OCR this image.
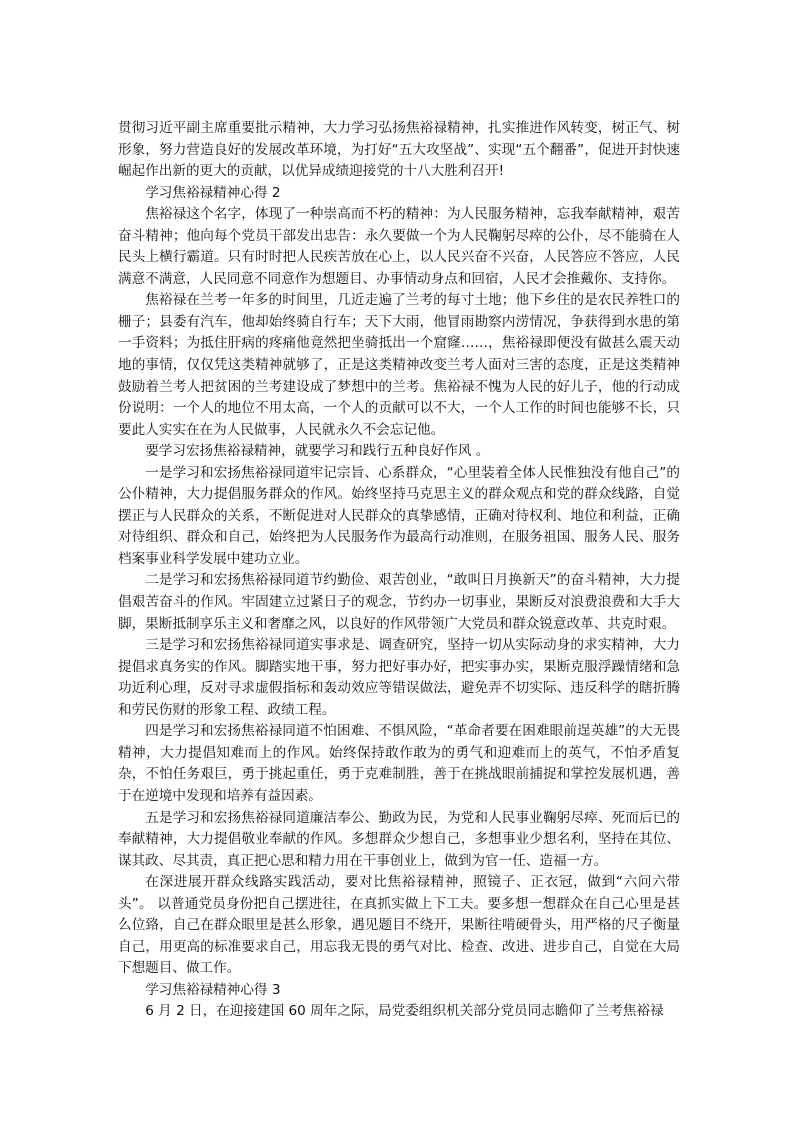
贯彻习近平副主席重要批示精神，大力学习弘扬焦裕禄精神，扎实推进作风转变，树正气、树形象，努力营造良好的发展改革环境，为打好“五大攻坚战”、实现“五个翻番”，促进开封快速崛起作出新的更大的贡献，以优异成绩迎接党的十八大胜利召开!

学习焦裕禄精神心得 2

焦裕禄这个名字，体现了一种崇高而不朽的精神：为人民服务精神，忘我奉献精神，艰苦奋斗精神；他向每个党员干部发出忠告：永久要做一个为人民鞠躬尽瘁的公仆，尽不能骑在人民头上横行霸道。只有时时把人民疾苦放在心上，以人民兴奋不兴奋，人民答应不答应，人民满意不满意，人民同意不同意作为想题目、办事情动身点和回宿，人民才会推戴你、支持你。

焦裕禄在兰考一年多的时间里，几近走遍了兰考的每寸土地；他下乡住的是农民养牲口的栅子；县委有汽车，他却始终骑自行车；天下大雨，他冒雨勘察内涝情况，争获得到水患的第一手资料；为抵住肝病的疼痛他竟然把坐骑抵出一个窟窿……，焦裕禄即便没有做甚么震天动地的事情，仅仅凭这类精神就够了，正是这类精神改变兰考人面对三害的态度，正是这类精神鼓励着兰考人把贫困的兰考建设成了梦想中的兰考。焦裕禄不愧为人民的好儿子，他的行动成份说明：一个人的地位不用太高，一个人的贡献可以不大，一个人工作的时间也能够不长，只要此人实实在在为人民做事，人民就永久不会忘记他。

要学习宏扬焦裕禄精神，就要学习和践行五种良好作风 。

一是学习和宏扬焦裕禄同道牢记宗旨、心系群众，“心里装着全体人民惟独没有他自己”的公仆精神，大力提倡服务群众的作风。始终坚持马克思主义的群众观点和党的群众线路，自觉摆正与人民群众的关系，不断促进对人民群众的真挚感情，正确对待权利、地位和利益，正确对待组织、群众和自己，始终把为人民服务作为最高行动准则，在服务祖国、服务人民、服务档案事业科学发展中建功立业。

二是学习和宏扬焦裕禄同道节约勤俭、艰苦创业，“敢叫日月换新天”的奋斗精神，大力提倡艰苦奋斗的作风。牢固建立过紧日子的观念，节约办一切事业，果断反对浪费浪费和大手大脚，果断抵制享乐主义和奢靡之风，以良好的作风带领广大党员和群众锐意改革、共克时艰。

三是学习和宏扬焦裕禄同道实事求是、调查研究，坚持一切从实际动身的求实精神，大力提倡求真务实的作风。脚踏实地干事，努力把好事办好，把实事办实，果断克服浮躁情绪和急功近利心理，反对寻求虚假指标和轰动效应等错误做法，避免弄不切实际、违反科学的瞎折腾和劳民伤财的形象工程、政绩工程。

四是学习和宏扬焦裕禄同道不怕困难、不惧风险，“革命者要在困难眼前逞英雄”的大无畏精神，大力提倡知难而上的作风。始终保持敢作敢为的勇气和迎难而上的英气，不怕矛盾复杂，不怕任务艰巨，勇于挑起重任，勇于克难制胜，善于在挑战眼前捕捉和掌控发展机遇，善于在逆境中发现和培养有益因素。

五是学习和宏扬焦裕禄同道廉洁奉公、勤政为民，为党和人民事业鞠躬尽瘁、死而后已的奉献精神，大力提倡敬业奉献的作风。多想群众少想自己，多想事业少想名利，坚持在其位、谋其政、尽其责，真正把心思和精力用在干事创业上，做到为官一任、造福一方。

在深进展开群众线路实践活动，要对比焦裕禄精神，照镜子、正衣冠，做到“六问六带头”。 以普通党员身份把自己摆进往，在真抓实做上下工夫。要多想一想群众在自己心里是甚么位臵，自己在群众眼里是甚么形象，遇见题目不绕开，果断往啃硬骨头，用严格的尺子衡量自己，用更高的标准要求自己，用忘我无畏的勇气对比、检查、改进、进步自己，自觉在大局下想题目、做工作。

学习焦裕禄精神心得 3

6 月 2 日，在迎接建国 60 周年之际，局党委组织机关部分党员同志瞻仰了兰考焦裕禄
